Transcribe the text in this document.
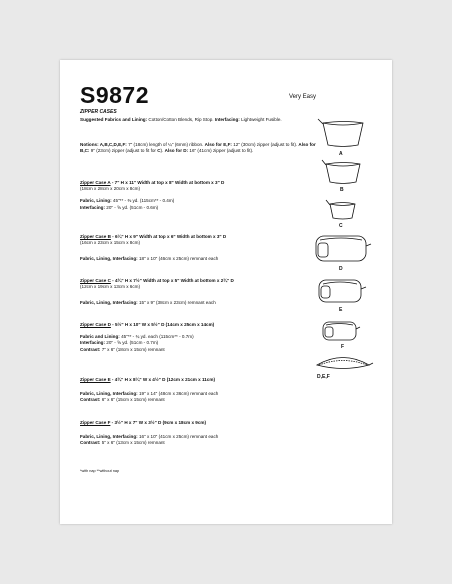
S9872	Very Easy
ZIPPER CASES
Suggested Fabrics and Lining: Cotton/Cotton Blends, Rip Stop. Interfacing: Lightweight Fusible.
Notions: A,B,C,D,E,F: 7" (18cm) length of ¼" (6mm) ribbon. Also for E,F: 12" (30cm) zipper (adjust to fit). Also for B,C: 9" (23cm) zipper (adjust to fit for C). Also for D: 16" (41cm) zipper (adjust to fit).

Zipper Case A - 7" H x 11" Width at top x 8" Width at bottom x 3" D
(18cm x 28cm x 20cm x 8cm)

Fabric, Lining: 45"** - ⅜ yd. (115cm** - 0.4m)
Interfacing: 20" - ⅝ yd. (51cm - 0.6m)

Zipper Case B - 6¼" H x 9" Width at top x 6" Width at bottom x 3" D
(16cm x 23cm x 15cm x 8cm)

Fabric, Lining, Interfacing: 18" x 10" (46cm x 25cm) remnant each

Zipper Case C - 4¾" H x 7½" Width at top x 5" Width at bottom x 2¾" D
(12cm x 19cm x 13cm x 6cm)

Fabric, Lining, Interfacing: 15" x 9" (38cm x 23cm) remnant each

Zipper Case D - 5½" H x 10" W x 5½" D (14cm x 25cm x 14cm)

Fabric and Lining: 45"** - ¾ yd. each (115cm** - 0.7m)
Interfacing: 20" - ⅝ yd. (51cm - 0.7m)
Contrast: 7" x 6" (18cm x 15cm) remnant

Zipper Case E - 4¾" H x 8¼" W x 4½" D (12cm x 21cm x 11cm)

Fabric, Lining, Interfacing: 19" x 14" (48cm x 36cm) remnant each
Contrast: 6" x 6" (15cm x 15cm) remnant

Zipper Case F - 3½" H x 7" W x 3½" D (9cm x 18cm x 9cm)

Fabric, Lining, Interfacing: 16" x 10" (41cm x 25cm) remnant each
Contrast: 5" x 6" (13cm x 15cm) remnant

*with nap **without nap
A
B
C
D
E
F
D,E,F
